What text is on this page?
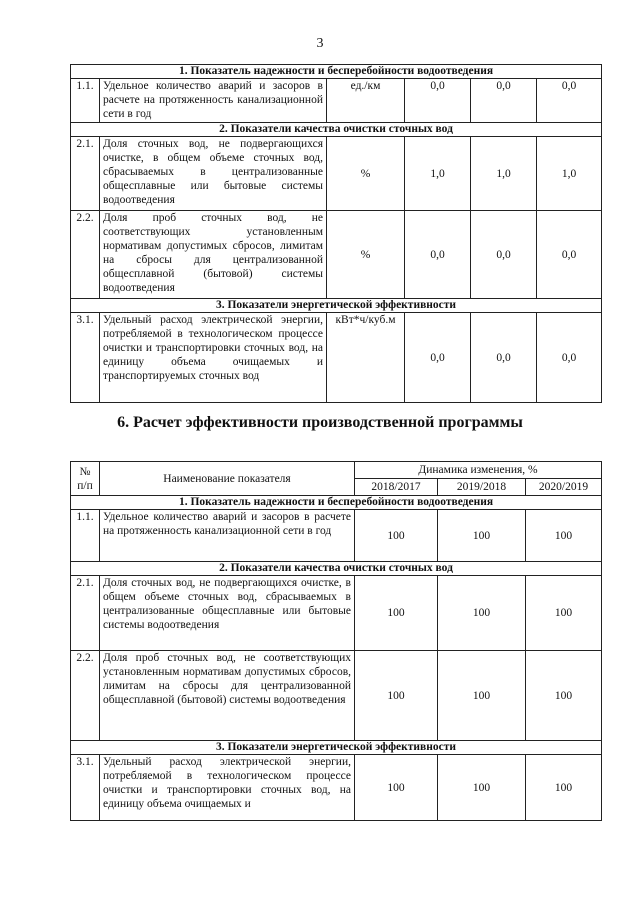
3
1. Показатель надежности и бесперебойности водоотведения					
1.1.	Удельное количество аварий и засоров в расчете на протяженность канализационной сети в год	ед./км	0,0	0,0	0,0
2. Показатели качества очистки сточных вод					
2.1.	Доля сточных вод, не подвергающихся очистке, в общем объеме сточных вод, сбрасываемых в централизованные общесплавные или бытовые системы водоотведения	%	1,0	1,0	1,0
2.2.	Доля проб сточных вод, не соответствующих установленным нормативам допустимых сбросов, лимитам на сбросы для централизованной общесплавной (бытовой) системы водоотведения	%	0,0	0,0	0,0
3. Показатели энергетической эффективности					
3.1.	Удельный расход электрической энергии, потребляемой в технологическом процессе очистки и транспортировки сточных вод, на единицу объема очищаемых и транспортируемых сточных вод	кВт*ч/куб.м	0,0	0,0	0,0
6. Расчет эффективности производственной программы
№ п/п	Наименование показателя	Динамика изменения, %		
		2018/2017	2019/2018	2020/2019
1. Показатель надежности и бесперебойности водоотведения				
1.1.	Удельное количество аварий и засоров в расчете на протяженность канализационной сети в год	100	100	100
2. Показатели качества очистки сточных вод				
2.1.	Доля сточных вод, не подвергающихся очистке, в общем объеме сточных вод, сбрасываемых в централизованные общесплавные или бытовые системы водоотведения	100	100	100
2.2.	Доля проб сточных вод, не соответствующих установленным нормативам допустимых сбросов, лимитам на сбросы для централизованной общесплавной (бытовой) системы водоотведения	100	100	100
3. Показатели энергетической эффективности				
3.1.	Удельный расход электрической энергии, потребляемой в технологическом процессе очистки и транспортировки сточных вод, на единицу объема очищаемых и	100	100	100
